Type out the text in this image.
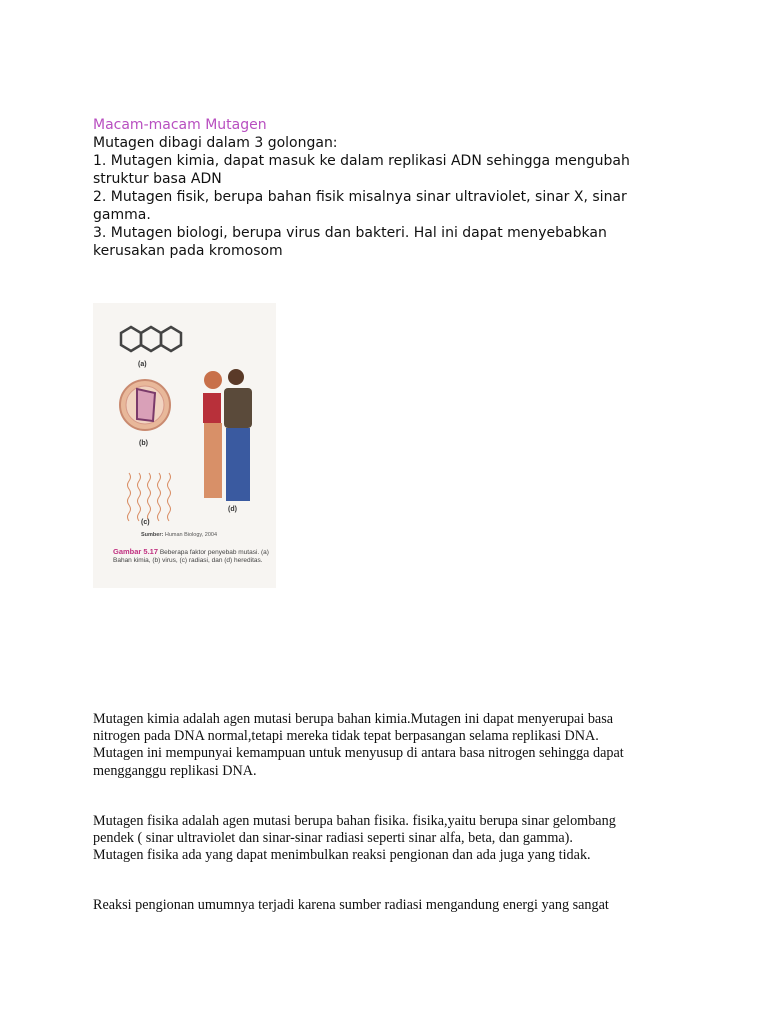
Macam-macam Mutagen
Mutagen dibagi dalam 3 golongan:
1. Mutagen kimia, dapat masuk ke dalam replikasi ADN sehingga mengubah
struktur basa ADN
2. Mutagen fisik, berupa bahan fisik misalnya sinar ultraviolet, sinar X, sinar
gamma.
3. Mutagen biologi, berupa virus dan bakteri. Hal ini dapat menyebabkan
kerusakan pada kromosom
(a)
(b)
(c)
(d)
Sumber: Human Biology, 2004
Gambar 5.17 Beberapa faktor penyebab mutasi. (a) Bahan kimia, (b) virus, (c) radiasi, dan (d) hereditas.
Mutagen kimia adalah agen mutasi berupa bahan kimia.Mutagen ini dapat menyerupai basa
nitrogen pada DNA normal,tetapi mereka tidak tepat berpasangan selama replikasi DNA.
Mutagen ini mempunyai kemampuan untuk menyusup di antara basa nitrogen sehingga dapat
mengganggu replikasi DNA.
Mutagen fisika adalah agen mutasi berupa bahan fisika. fisika,yaitu berupa sinar gelombang
pendek ( sinar ultraviolet dan sinar-sinar radiasi seperti sinar alfa, beta, dan gamma).
Mutagen fisika ada yang dapat menimbulkan reaksi pengionan dan ada juga yang tidak.
Reaksi pengionan umumnya terjadi karena sumber radiasi mengandung energi yang sangat
